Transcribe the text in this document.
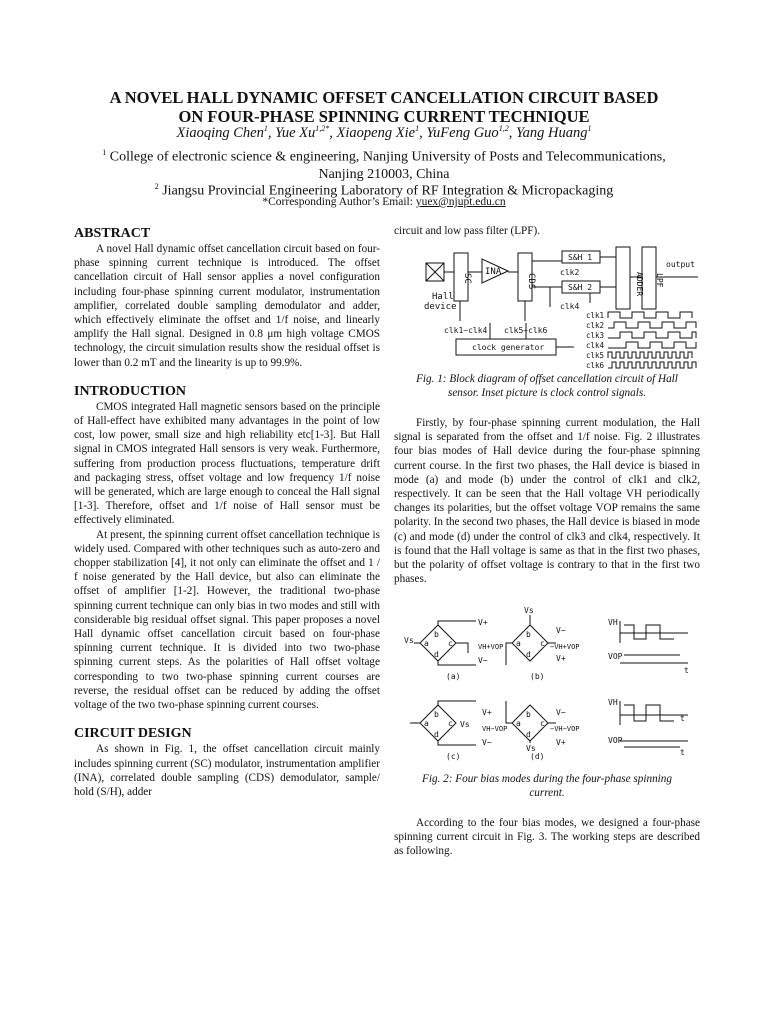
A NOVEL HALL DYNAMIC OFFSET CANCELLATION CIRCUIT BASED
ON FOUR-PHASE SPINNING CURRENT TECHNIQUE
Xiaoqing Chen$^1$, Yue $Xu^{1,2*}$, Xiaopeng Xie$^1$, YuFeng Guo$^{1,2}$, Yang Huang$^1$
$^1$ College of electronic science & engineering, Nanjing University of Posts and Telecommunications,
Nanjing 210003, China
$^2$ Jiangsu Provincial Engineering Laboratory of RF Integration & Micropackaging
*Corresponding Author’s Email: yuex@njupt.edu.cn
ABSTRACT

A novel Hall dynamic offset cancellation circuit based on four-phase spinning current technique is introduced. The offset cancellation circuit of Hall sensor applies a novel configuration including four-phase spinning current modulator, instrumentation amplifier, correlated double sampling demodulator and adder, which effectively eliminate the offset and 1/f noise, and linearly amplify the Hall signal. Designed in 0.8 μm high voltage CMOS technology, the circuit simulation results show the residual offset is lower than 0.2 mT and the linearity is up to 99.9%.

INTRODUCTION

CMOS integrated Hall magnetic sensors based on the principle of Hall-effect have exhibited many advantages in the point of low cost, low power, small size and high reliability etc[1-3]. But Hall signal in CMOS integrated Hall sensors is very weak. Furthermore, suffering from production process fluctuations, temperature drift and packaging stress, offset voltage and low frequency 1/f noise will be generated, which are large enough to conceal the Hall signal [1-3]. Therefore, offset and 1/f noise of Hall sensor must be effectively eliminated.

At present, the spinning current offset cancellation technique is widely used. Compared with other techniques such as auto-zero and chopper stabilization [4], it not only can eliminate the offset and 1 / f noise generated by the Hall device, but also can eliminate the offset of amplifier [1-2]. However, the traditional two-phase spinning current technique can only bias in two modes and still with considerable big residual offset signal. This paper proposes a novel Hall dynamic offset cancellation circuit based on four-phase spinning current technique. It is divided into two two-phase spinning current steps. As the polarities of Hall offset voltage corresponding to two two-phase spinning current courses are reverse, the residual offset can be reduced by adding the offset voltage of the two two-phase spinning current courses.

CIRCUIT DESIGN

As shown in Fig. 1, the offset cancellation circuit mainly includes spinning current (SC) modulator, instrumentation amplifier (INA), correlated double sampling (CDS) demodulator, sample/ hold (S/H), adder

circuit and low pass filter (LPF).

Hall
device
SC
INA
CDS
S&H 1
S&H 2
clk2	ADDER LPF
output
clk4
clock generator
clk1~clk4 clk5~clk6
clk1
clk2
clk3
clk4
clk5
clk6
Fig. 1: Block diagram of offset cancellation circuit of Hall
sensor. Inset picture is clock control signals.

Firstly, by four-phase spinning current modulation, the Hall signal is separated from the offset and 1/f noise. Fig. 2 illustrates four bias modes of Hall device during the four-phase spinning current course. In the first two phases, the Hall device is biased in mode (a) and mode (b) under the control of clk1 and clk2, respectively. It can be seen that the Hall voltage VH periodically changes its polarities, but the offset voltage VOP remains the same polarity. In the second two phases, the Hall device is biased in mode (c) and mode (d) under the control of clk3 and clk4, respectively. It is found that the Hall voltage is same as that in the first two phases, but the polarity of offset voltage is contrary to that in the first two phases.

b
a c
d
Vs
V+
VH+VOP
V−
(a)
b
a c
d
Vs
V−
−VH+VOP
V+
(b)
b
a c
d
Vs
V+
VH−VOP
V−
(c)
b
a c
d
Vs
V−
−VH−VOP
V+
(d)
VH
VOP
t
VH
t
VOP
t
Fig. 2: Four bias modes during the four-phase spinning
current.

According to the four bias modes, we designed a four-phase spinning current circuit in Fig. 3. The working steps are described as following.
